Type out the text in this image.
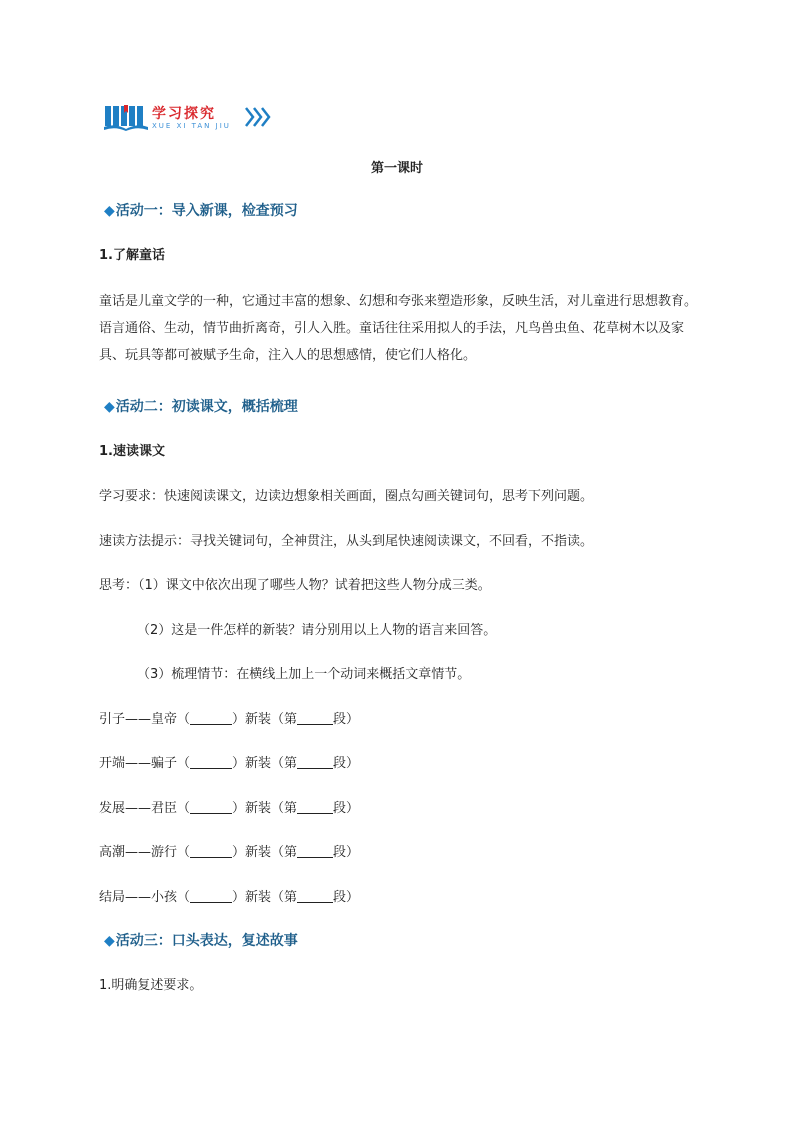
学习探究
XUE XI TAN JIU
第一课时
◆活动一：导入新课，检查预习
1.了解童话
童话是儿童文学的一种，它通过丰富的想象、幻想和夸张来塑造形象，反映生活，对儿童进行思想教育。语言通俗、生动，情节曲折离奇，引人入胜。童话往往采用拟人的手法，凡鸟兽虫鱼、花草树木以及家具、玩具等都可被赋予生命，注入人的思想感情，使它们人格化。
◆活动二：初读课文，概括梳理
1.速读课文
学习要求：快速阅读课文，边读边想象相关画面，圈点勾画关键词句，思考下列问题。
速读方法提示：寻找关键词句，全神贯注，从头到尾快速阅读课文，不回看，不指读。
思考：（1）课文中依次出现了哪些人物？试着把这些人物分成三类。
（2）这是一件怎样的新装？请分别用以上人物的语言来回答。
（3）梳理情节：在横线上加上一个动词来概括文章情节。
引子——皇帝（	）新装（第	段）
开端——骗子（	）新装（第	段）
发展——君臣（	）新装（第	段）
高潮——游行（	）新装（第	段）
结局——小孩（	）新装（第	段）
◆活动三：口头表达，复述故事
1.明确复述要求。
